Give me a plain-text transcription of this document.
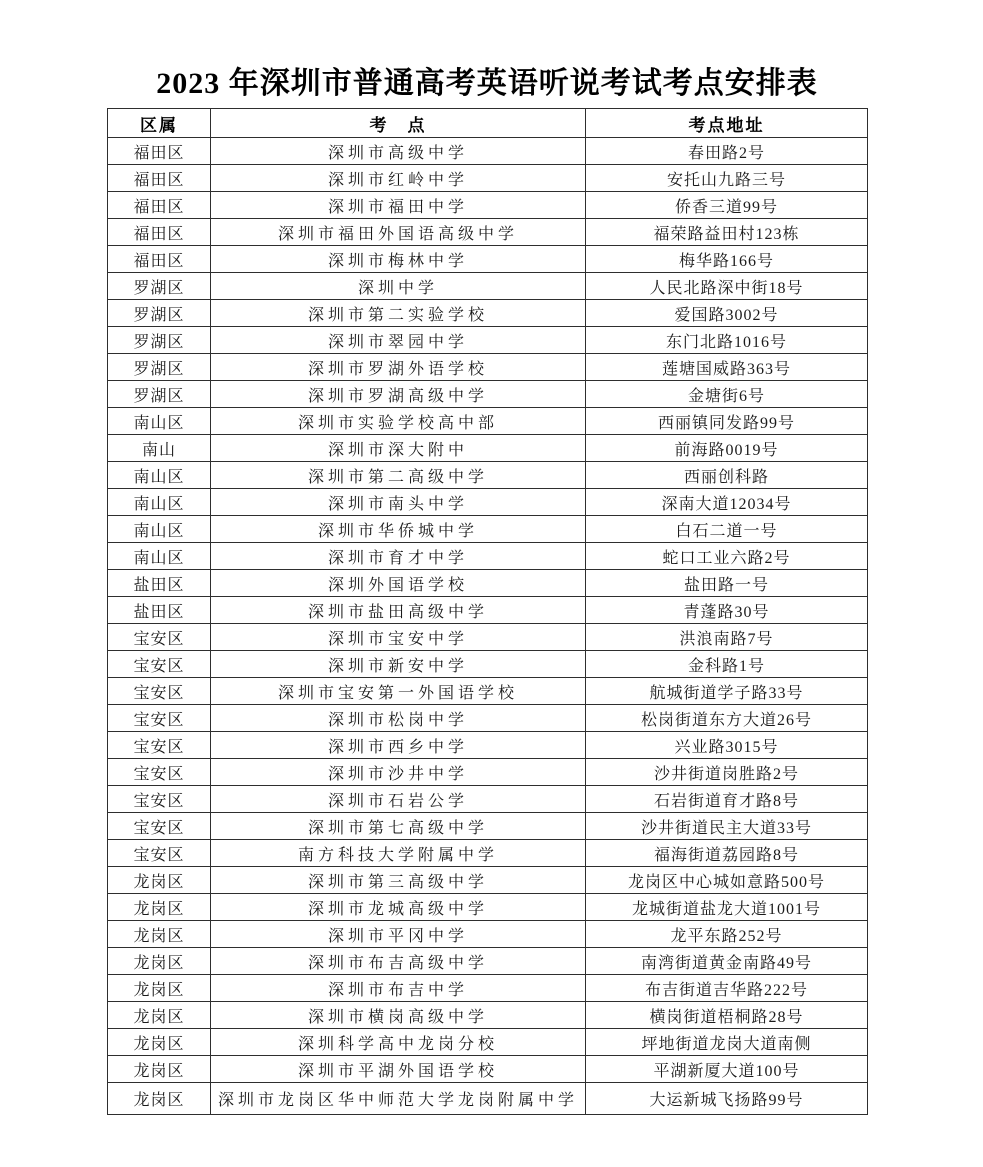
2023 年深圳市普通高考英语听说考试考点安排表
区属	考　点	考点地址
福田区	深圳市高级中学	春田路2号
福田区	深圳市红岭中学	安托山九路三号
福田区	深圳市福田中学	侨香三道99号
福田区	深圳市福田外国语高级中学	福荣路益田村123栋
福田区	深圳市梅林中学	梅华路166号
罗湖区	深圳中学	人民北路深中街18号
罗湖区	深圳市第二实验学校	爱国路3002号
罗湖区	深圳市翠园中学	东门北路1016号
罗湖区	深圳市罗湖外语学校	莲塘国威路363号
罗湖区	深圳市罗湖高级中学	金塘街6号
南山区	深圳市实验学校高中部	西丽镇同发路99号
南山	深圳市深大附中	前海路0019号
南山区	深圳市第二高级中学	西丽创科路
南山区	深圳市南头中学	深南大道12034号
南山区	深圳市华侨城中学	白石二道一号
南山区	深圳市育才中学	蛇口工业六路2号
盐田区	深圳外国语学校	盐田路一号
盐田区	深圳市盐田高级中学	青蓬路30号
宝安区	深圳市宝安中学	洪浪南路7号
宝安区	深圳市新安中学	金科路1号
宝安区	深圳市宝安第一外国语学校	航城街道学子路33号
宝安区	深圳市松岗中学	松岗街道东方大道26号
宝安区	深圳市西乡中学	兴业路3015号
宝安区	深圳市沙井中学	沙井街道岗胜路2号
宝安区	深圳市石岩公学	石岩街道育才路8号
宝安区	深圳市第七高级中学	沙井街道民主大道33号
宝安区	南方科技大学附属中学	福海街道荔园路8号
龙岗区	深圳市第三高级中学	龙岗区中心城如意路500号
龙岗区	深圳市龙城高级中学	龙城街道盐龙大道1001号
龙岗区	深圳市平冈中学	龙平东路252号
龙岗区	深圳市布吉高级中学	南湾街道黄金南路49号
龙岗区	深圳市布吉中学	布吉街道吉华路222号
龙岗区	深圳市横岗高级中学	横岗街道梧桐路28号
龙岗区	深圳科学高中龙岗分校	坪地街道龙岗大道南侧
龙岗区	深圳市平湖外国语学校	平湖新厦大道100号
龙岗区	深圳市龙岗区华中师范大学龙岗附属中学	大运新城飞扬路99号
